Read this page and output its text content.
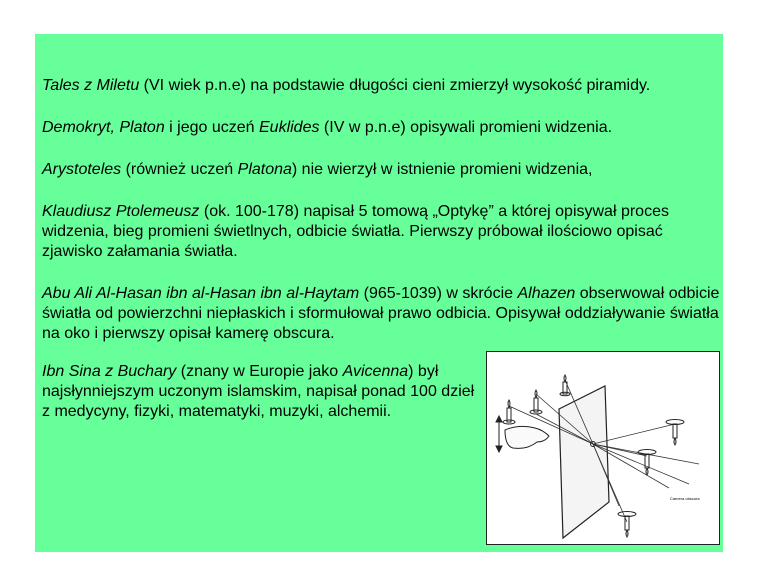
Tales z Miletu (VI wiek p.n.e) na podstawie długości cieni zmierzył wysokość piramidy.

Demokryt, Platon i jego uczeń Euklides (IV w p.n.e) opisywali promieni widzenia.

Arystoteles (również uczeń Platona) nie wierzył w istnienie promieni widzenia,

Klaudiusz Ptolemeusz (ok. 100-178) napisał 5 tomową „Optykę” a której opisywał proces widzenia, bieg promieni świetlnych, odbicie światła. Pierwszy próbował ilościowo opisać zjawisko załamania światła.

Abu Ali Al-Hasan ibn al-Hasan ibn al-Haytam (965-1039) w skrócie Alhazen obserwował odbicie światła od powierzchni niepłaskich i sformułował prawo odbicia. Opisywał oddziaływanie światła na oko i pierwszy opisał kamerę obscura.

Ibn Sina z Buchary (znany w Europie jako Avicenna) był najsłynniejszym uczonym islamskim, napisał ponad 100 dzieł z medycyny, fizyki, matematyki, muzyki, alchemii.

Camera obscura
